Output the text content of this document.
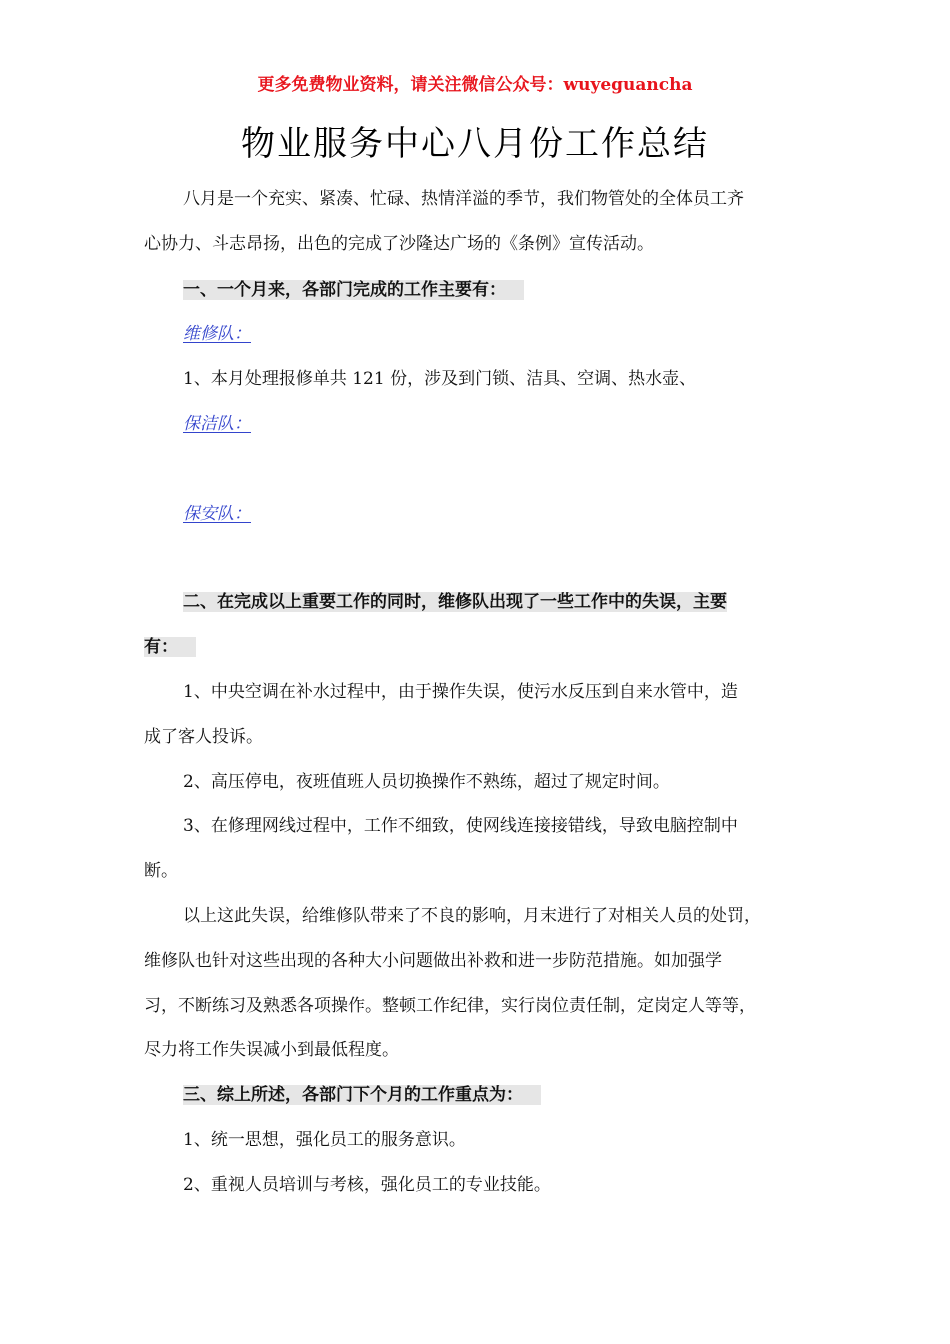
更多免费物业资料，请关注微信公众号：wuyeguancha
物业服务中心八月份工作总结
八月是一个充实、紧凑、忙碌、热情洋溢的季节，我们物管处的全体员工齐
心协力、斗志昂扬，出色的完成了沙隆达广场的《条例》宣传活动。
一、一个月来，各部门完成的工作主要有：
维修队：
1、本月处理报修单共 121 份，涉及到门锁、洁具、空调、热水壶、
保洁队：
保安队：
二、在完成以上重要工作的同时，维修队出现了一些工作中的失误，主要
有：
1、中央空调在补水过程中，由于操作失误，使污水反压到自来水管中，造
成了客人投诉。
2、高压停电，夜班值班人员切换操作不熟练，超过了规定时间。
3、在修理网线过程中，工作不细致，使网线连接接错线，导致电脑控制中
断。
以上这此失误，给维修队带来了不良的影响，月末进行了对相关人员的处罚，
维修队也针对这些出现的各种大小问题做出补救和进一步防范措施。如加强学
习，不断练习及熟悉各项操作。整顿工作纪律，实行岗位责任制，定岗定人等等，
尽力将工作失误减小到最低程度。
三、综上所述，各部门下个月的工作重点为：
1、统一思想，强化员工的服务意识。
2、重视人员培训与考核，强化员工的专业技能。
